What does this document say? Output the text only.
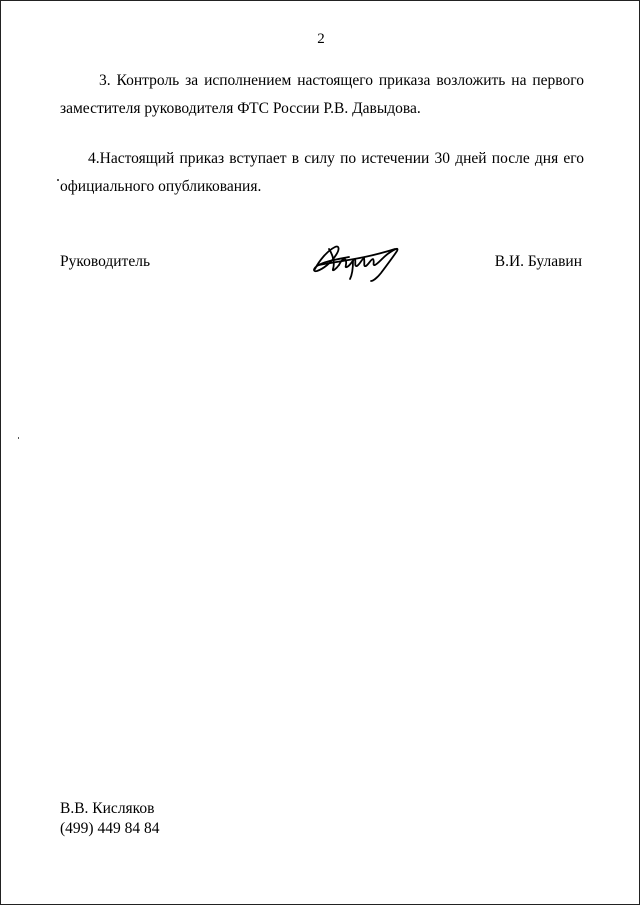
2

3. Контроль за исполнением настоящего приказа возложить на первого заместителя руководителя ФТС России Р.В. Давыдова.

4.Настоящий приказ вступает в силу по истечении 30 дней после дня его официального опубликования.

Руководитель	В.И. Булавин
В.В. Кисляков
(499) 449 84 84
